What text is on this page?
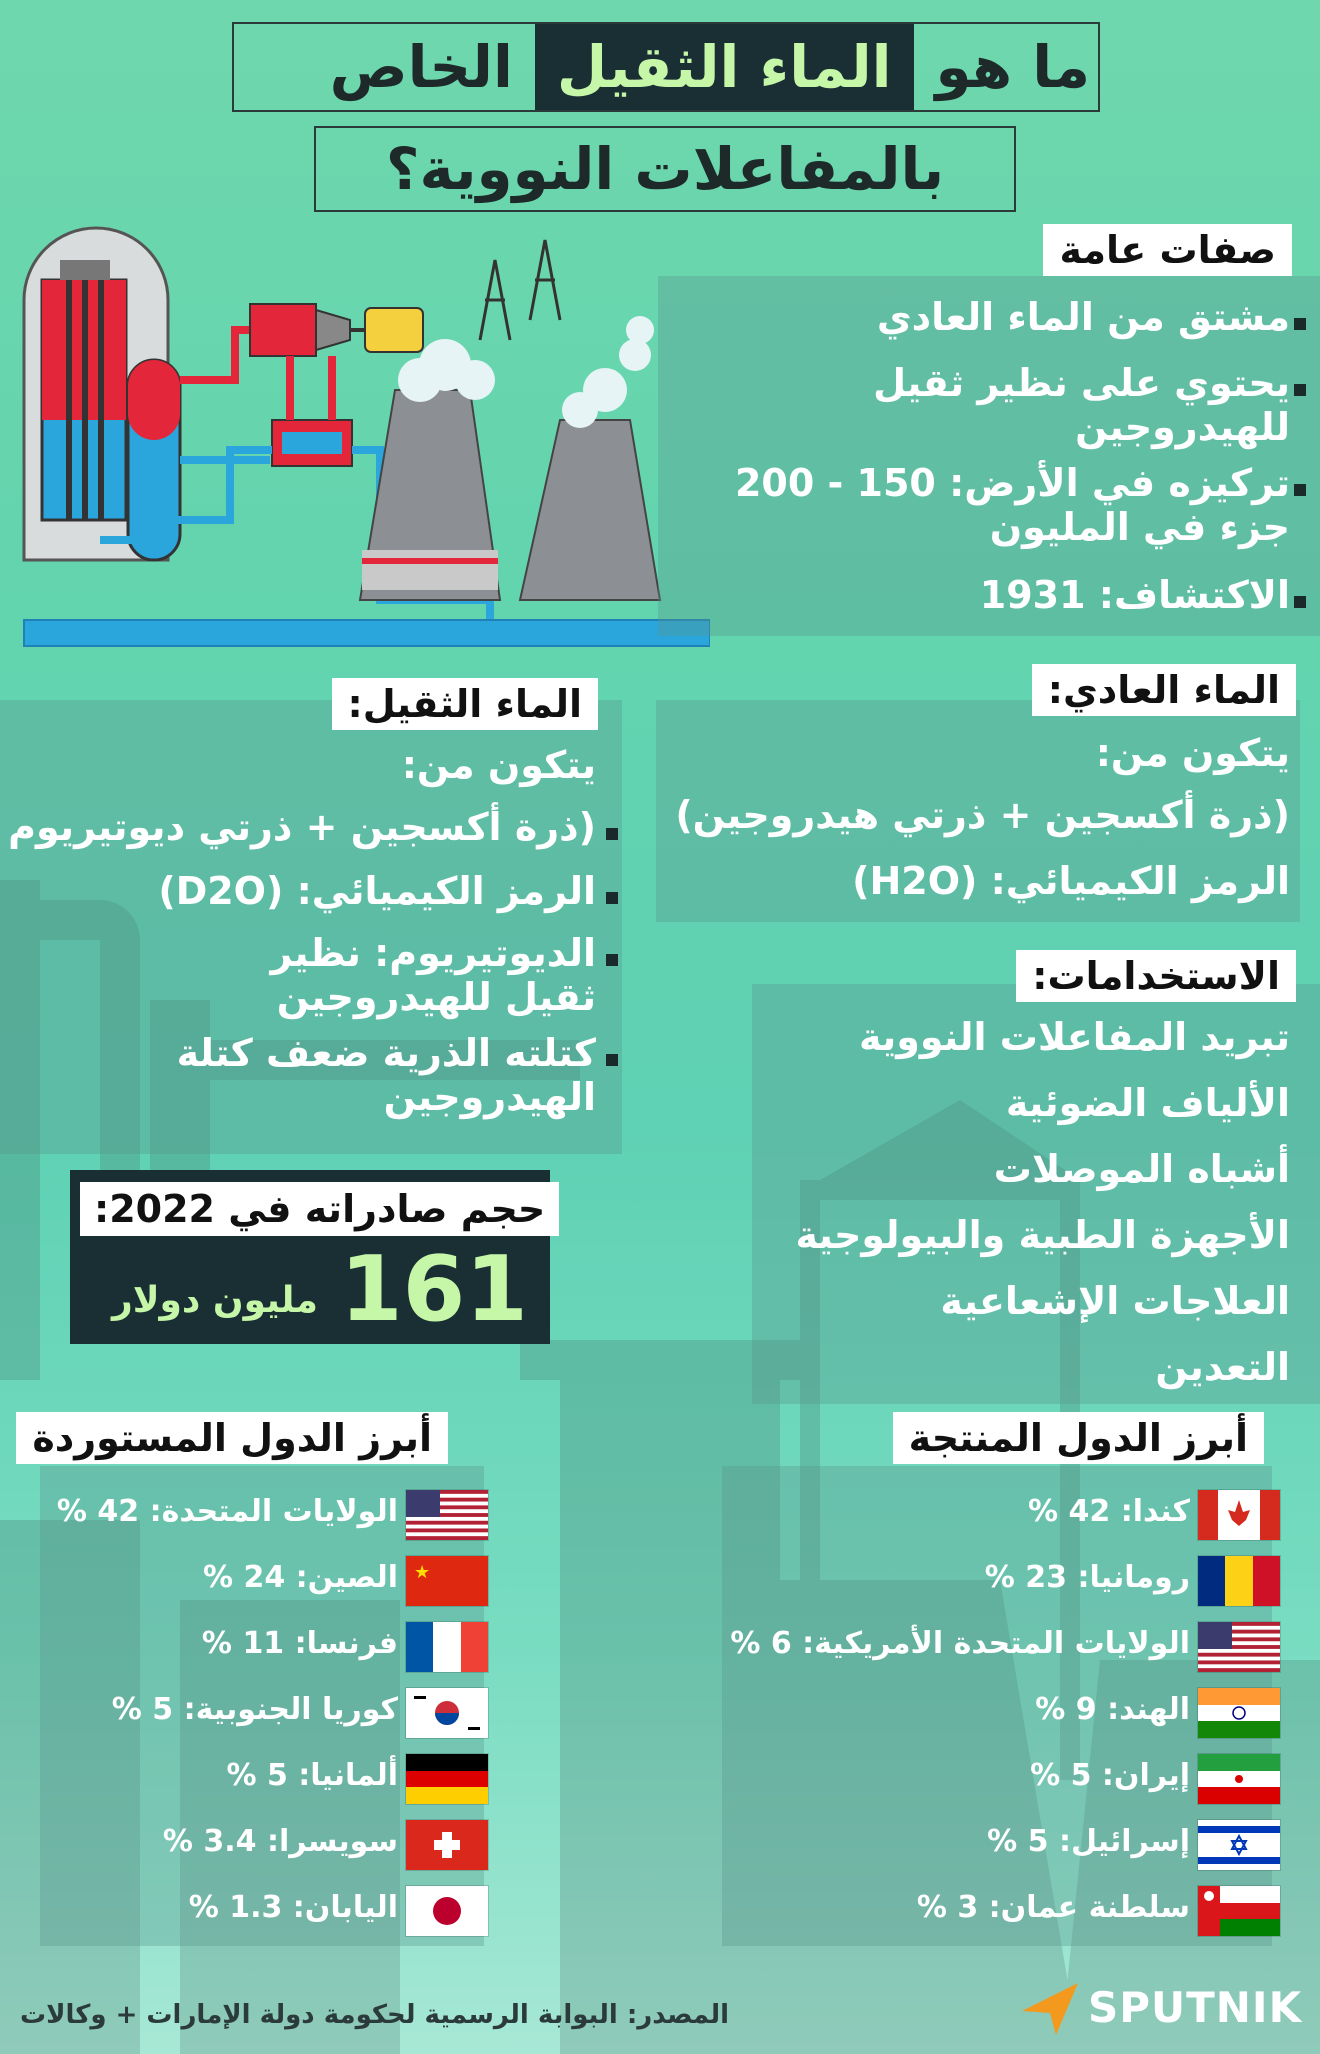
ما هو
الماء الثقيل
الخاص
بالمفاعلات النووية؟
صفات عامة
مشتق من الماء العادي
يحتوي على نظير ثقيل للهيدروجين
تركيزه في الأرض: 150 - 200 جزء في المليون
الاكتشاف: 1931
الماء الثقيل:
يتكون من:
(ذرة أكسجين + ذرتي ديوتيريوم
الرمز الكيميائي: (D2O)
الديوتيريوم: نظير ثقيل للهيدروجين
كتلته الذرية ضعف كتلة الهيدروجين
الماء العادي:
يتكون من:
(ذرة أكسجين + ذرتي هيدروجين)
الرمز الكيميائي: (H2O)
الاستخدامات:
تبريد المفاعلات النووية
الألياف الضوئية
أشباه الموصلات
الأجهزة الطبية والبيولوجية
العلاجات الإشعاعية
التعدين
حجم صادراته في 2022:
161
مليون دولار
أبرز الدول المستوردة	أبرز الدول المنتجة
الولايات المتحدة: 42 %
★
الصين: 24 %
فرنسا: 11 %
كوريا الجنوبية: 5 %
ألمانيا: 5 %
سويسرا: 3.4 %
اليابان: 1.3 %
كندا: 42 %
رومانيا: 23 %
الولايات المتحدة الأمريكية: 6 %
الهند: 9 %
إيران: 5 %
إسرائيل: 5 %
سلطنة عمان: 3 %
المصدر: البوابة الرسمية لحكومة دولة الإمارات + وكالات	SPUTNIK
